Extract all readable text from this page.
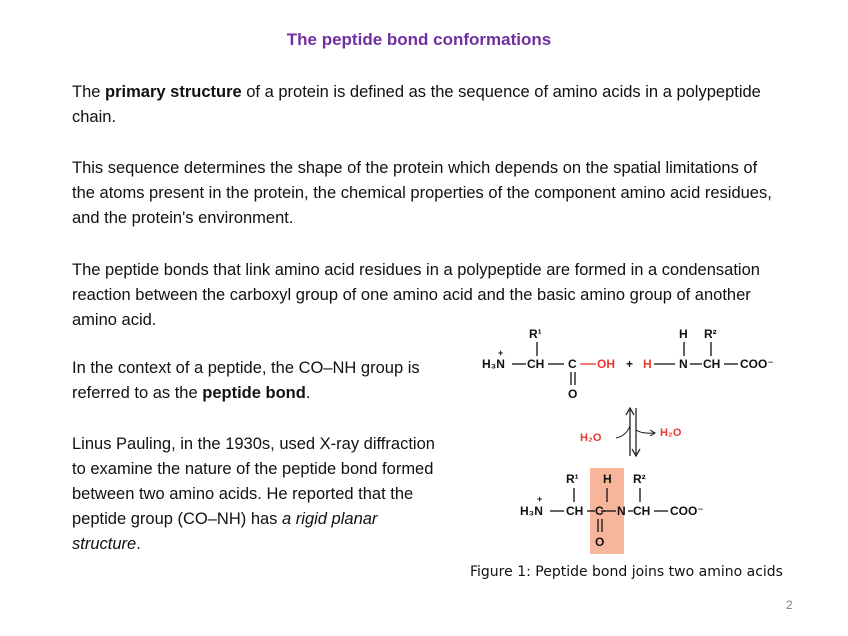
The peptide bond conformations

The primary structure of a protein is defined as the sequence of amino acids in a polypeptide chain.

This sequence determines the shape of the protein which depends on the spatial limitations of the atoms present in the protein, the chemical properties of the component amino acid residues, and the protein's environment.

The peptide bonds that link amino acid residues in a polypeptide are formed in a condensation reaction between the carboxyl group of one amino acid and the basic amino group of another amino acid.

In the context of a peptide, the CO–NH group is referred to as the peptide bond.

Linus Pauling, in the 1930s, used X-ray diffraction to examine the nature of the peptide bond formed between two amino acids. He reported that the peptide group (CO–NH) has a rigid planar structure.

R¹	H R²
+
H₃N CH C
O
OH + H N CH COO⁻
H₂O	H₂O
R¹ H R²
+
H₃N CH C
O
CH COO⁻
N
Figure 1: Peptide bond joins two amino acids
2
